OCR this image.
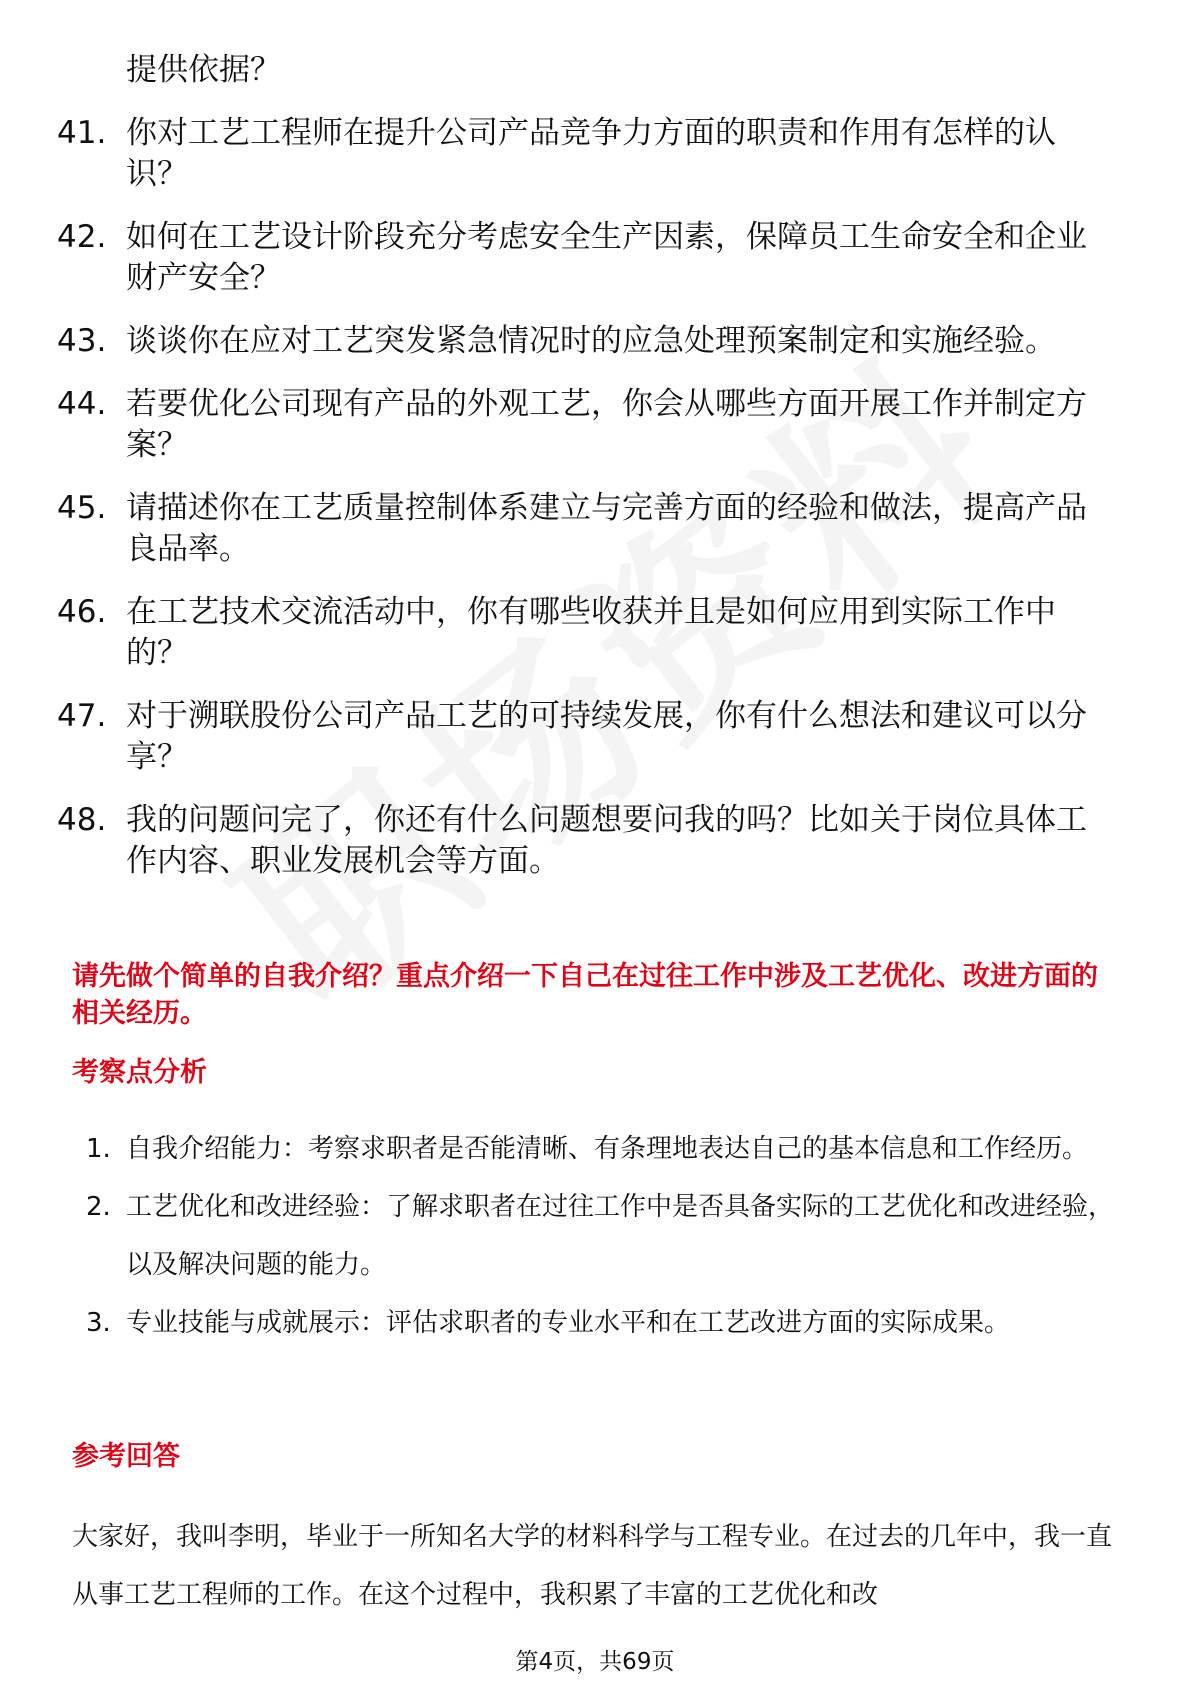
提供依据？
41. 你对工艺工程师在提升公司产品竞争力方面的职责和作用有怎样的认识？
42. 如何在工艺设计阶段充分考虑安全生产因素，保障员工生命安全和企业财产安全？
43. 谈谈你在应对工艺突发紧急情况时的应急处理预案制定和实施经验。
44. 若要优化公司现有产品的外观工艺，你会从哪些方面开展工作并制定方案？
45. 请描述你在工艺质量控制体系建立与完善方面的经验和做法，提高产品良品率。
46. 在工艺技术交流活动中，你有哪些收获并且是如何应用到实际工作中的？
47. 对于溯联股份公司产品工艺的可持续发展，你有什么想法和建议可以分享？
48. 我的问题问完了，你还有什么问题想要问我的吗？比如关于岗位具体工作内容、职业发展机会等方面。
请先做个简单的自我介绍？重点介绍一下自己在过往工作中涉及工艺优化、改进方面的相关经历。
考察点分析
1. 自我介绍能力：考察求职者是否能清晰、有条理地表达自己的基本信息和工作经历。
2. 工艺优化和改进经验：了解求职者在过往工作中是否具备实际的工艺优化和改进经验，以及解决问题的能力。
3. 专业技能与成就展示：评估求职者的专业水平和在工艺改进方面的实际成果。
参考回答
大家好，我叫李明，毕业于一所知名大学的材料科学与工程专业。在过去的几年中，我一直从事工艺工程师的工作。在这个过程中，我积累了丰富的工艺优化和改
第4页，共69页
